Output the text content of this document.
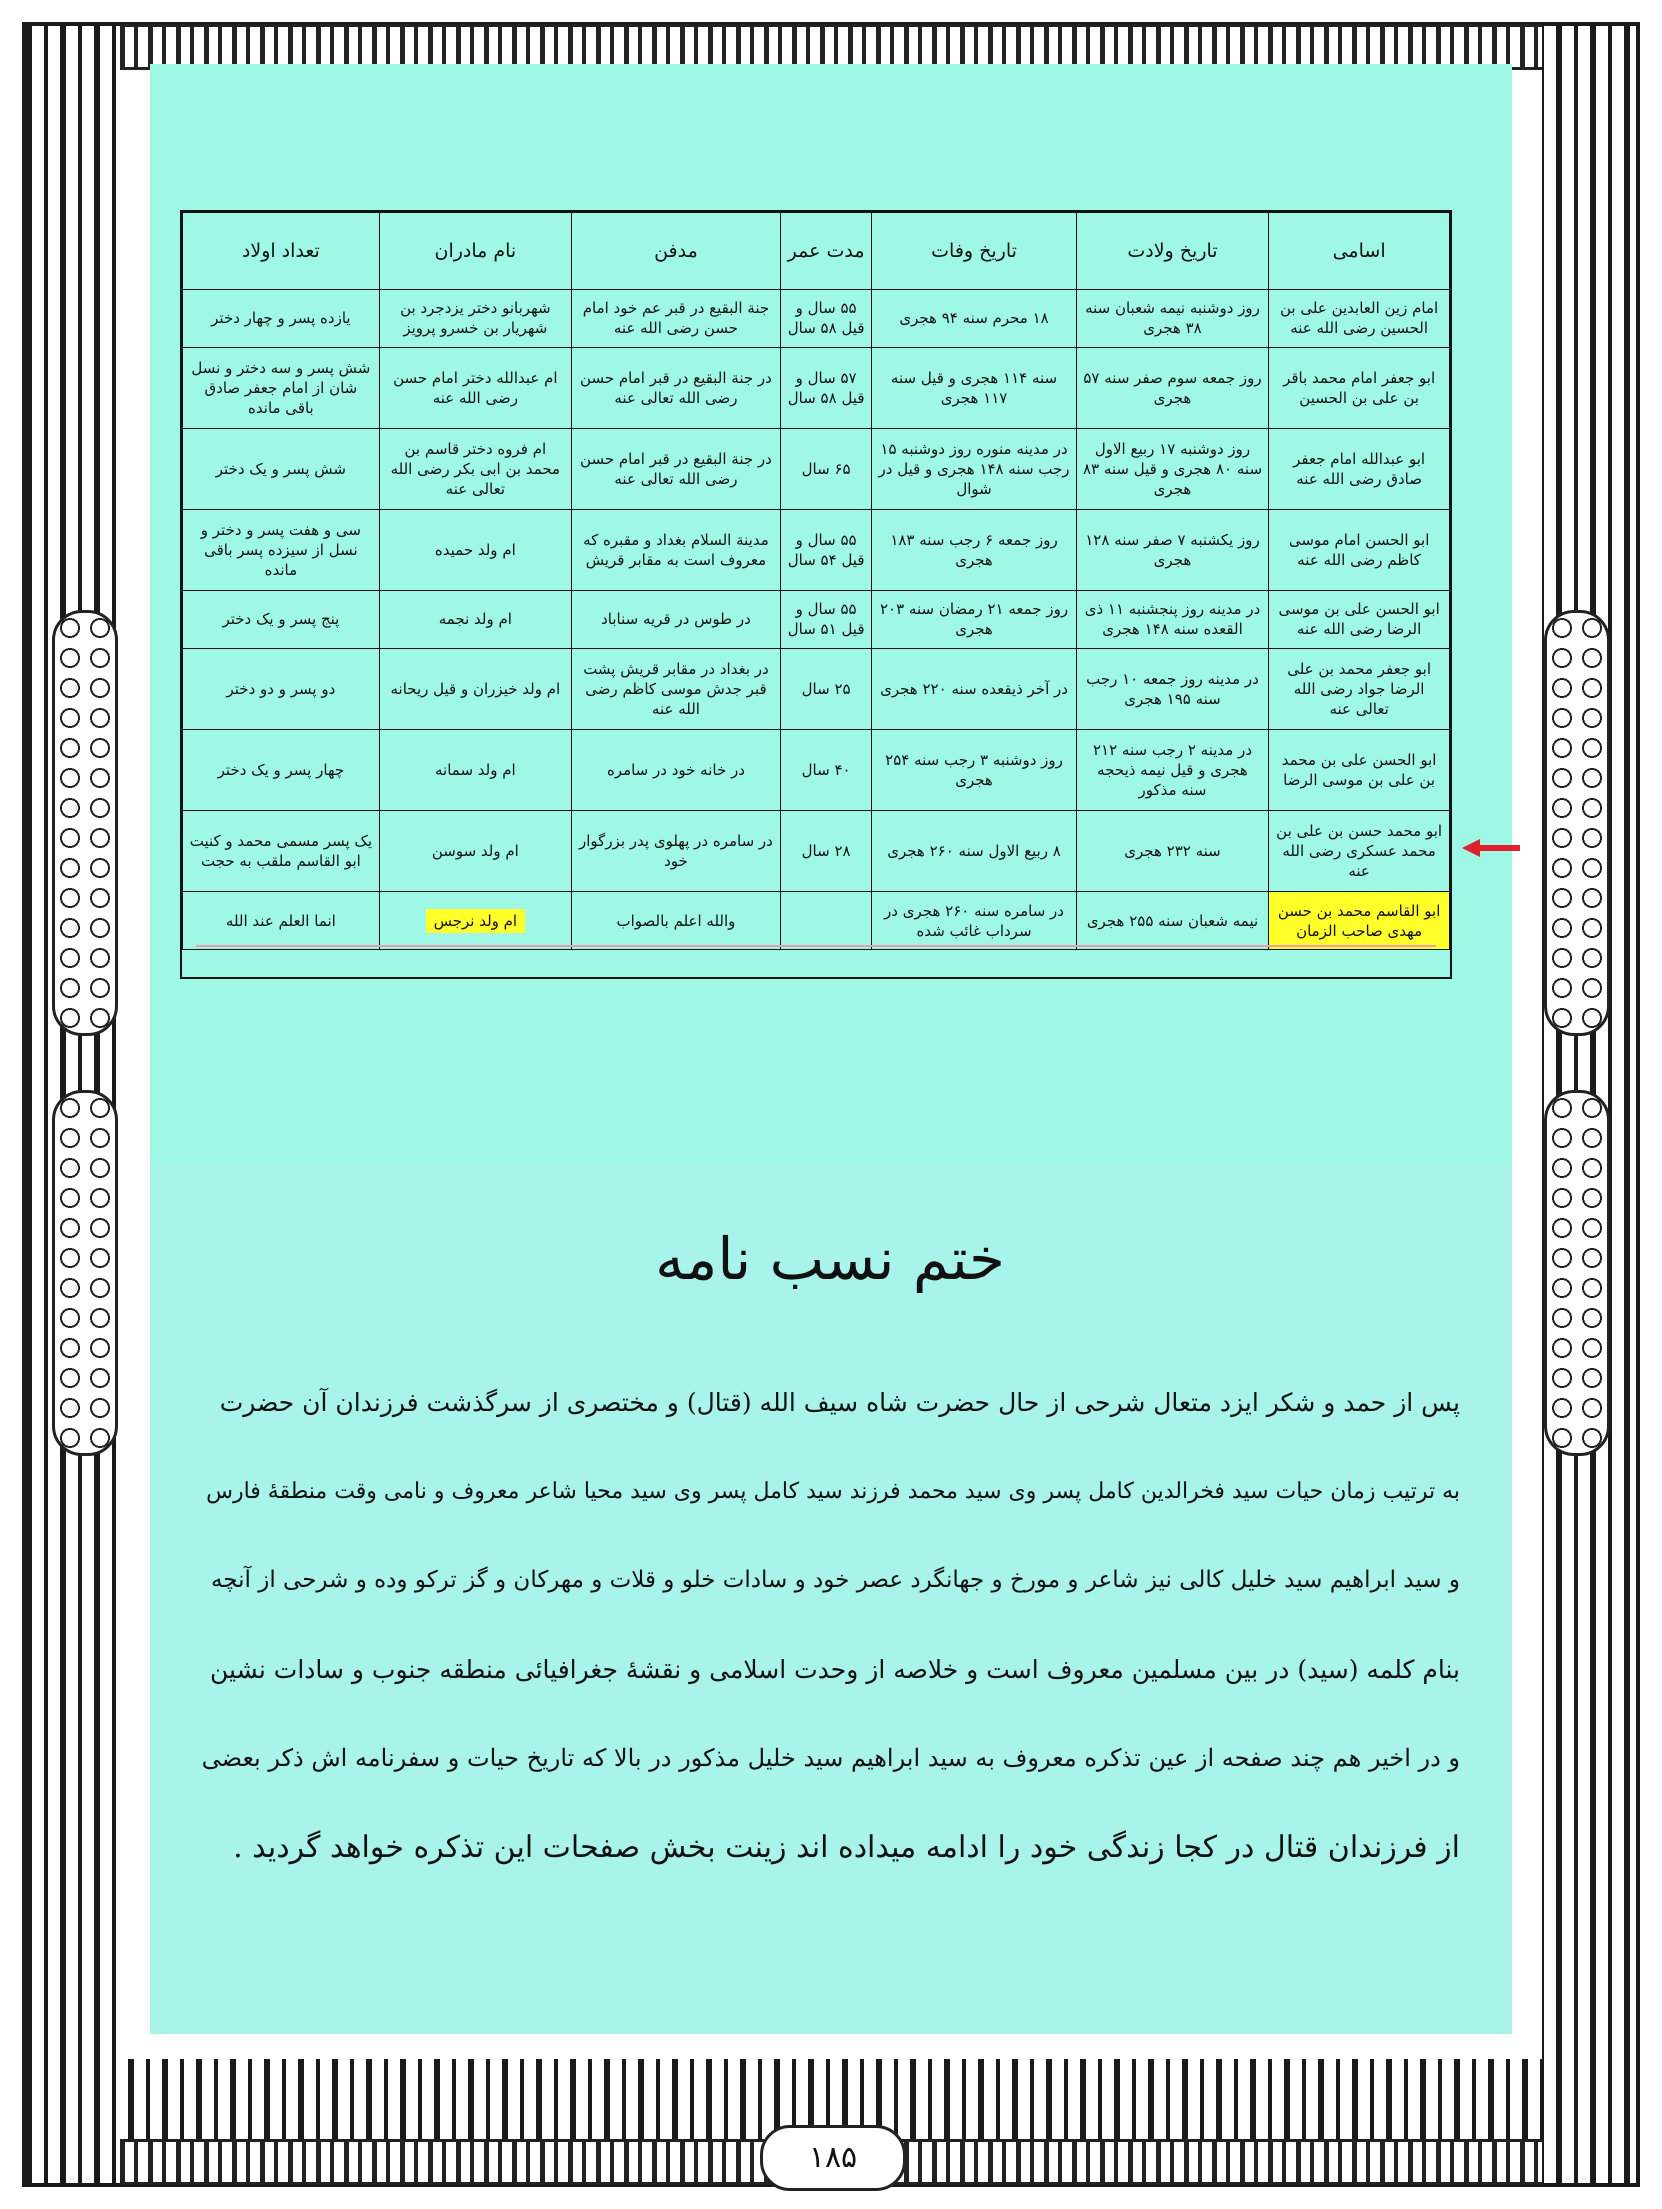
اسامی	تاریخ ولادت	تاریخ وفات	مدت عمر	مدفن	نام مادران	تعداد اولاد
امام زین العابدین علی بن الحسین رضی الله عنه	روز دوشنبه نیمه شعبان سنه ۳۸ هجری	۱۸ محرم سنه ۹۴ هجری	۵۵ سال و قیل ۵۸ سال	جنة البقیع در قبر عم خود امام حسن رضی الله عنه	شهربانو دختر یزدجرد بن شهریار بن خسرو پرویز	یازده پسر و چهار دختر
ابو جعفر امام محمد باقر بن علی بن الحسین	روز جمعه سوم صفر سنه ۵۷ هجری	سنه ۱۱۴ هجری و قیل سنه ۱۱۷ هجری	۵۷ سال و قیل ۵۸ سال	در جنة البقیع در قبر امام حسن رضی الله تعالی عنه	ام عبدالله دختر امام حسن رضی الله عنه	شش پسر و سه دختر و نسل شان از امام جعفر صادق باقی مانده
ابو عبدالله امام جعفر صادق رضی الله عنه	روز دوشنبه ۱۷ ربیع الاول سنه ۸۰ هجری و قیل سنه ۸۳ هجری	در مدینه منوره روز دوشنبه ۱۵ رجب سنه ۱۴۸ هجری و قیل در شوال	۶۵ سال	در جنة البقیع در قبر امام حسن رضی الله تعالی عنه	ام فروه دختر قاسم بن محمد بن ابی بکر رضی الله تعالی عنه	شش پسر و یک دختر
ابو الحسن امام موسی کاظم رضی الله عنه	روز یکشنبه ۷ صفر سنه ۱۲۸ هجری	روز جمعه ۶ رجب سنه ۱۸۳ هجری	۵۵ سال و قیل ۵۴ سال	مدینة السلام بغداد و مقبره که معروف است به مقابر قریش	ام ولد حمیده	سی و هفت پسر و دختر و نسل از سیزده پسر باقی مانده
ابو الحسن علی بن موسی الرضا رضی الله عنه	در مدینه روز پنجشنبه ۱۱ ذی القعده سنه ۱۴۸ هجری	روز جمعه ۲۱ رمضان سنه ۲۰۳ هجری	۵۵ سال و قیل ۵۱ سال	در طوس در قریه سناباد	ام ولد نجمه	پنج پسر و یک دختر
ابو جعفر محمد بن علی الرضا جواد رضی الله تعالی عنه	در مدینه روز جمعه ۱۰ رجب سنه ۱۹۵ هجری	در آخر ذیقعده سنه ۲۲۰ هجری	۲۵ سال	در بغداد در مقابر قریش پشت قبر جدش موسی کاظم رضی الله عنه	ام ولد خیزران و قیل ریحانه	دو پسر و دو دختر
ابو الحسن علی بن محمد بن علی بن موسی الرضا	در مدینه ۲ رجب سنه ۲۱۲ هجری و قیل نیمه ذیحجه سنه مذکور	روز دوشنبه ۳ رجب سنه ۲۵۴ هجری	۴۰ سال	در خانه خود در سامره	ام ولد سمانه	چهار پسر و یک دختر
ابو محمد حسن بن علی بن محمد عسکری رضی الله عنه	سنه ۲۳۲ هجری	۸ ربیع الاول سنه ۲۶۰ هجری	۲۸ سال	در سامره در پهلوی پدر بزرگوار خود	ام ولد سوسن	یک پسر مسمی محمد و کنیت ابو القاسم ملقب به حجت
ابو القاسم محمد بن حسن مهدی صاحب الزمان	نیمه شعبان سنه ۲۵۵ هجری	در سامره سنه ۲۶۰ هجری در سرداب غائب شده		والله اعلم بالصواب	ام ولد نرجس	انما العلم عند الله
ختم نسب نامه

پس از حمد و شکر ایزد متعال شرحی از حال حضرت شاه سیف الله (قتال) و مختصری از سرگذشت فرزندان آن حضرت

به ترتیب زمان حیات سید فخرالدین کامل پسر وی سید محمد فرزند سید کامل پسر وی سید محیا شاعر معروف و نامی وقت منطقهٔ فارس

و سید ابراهیم سید خلیل کالی نیز شاعر و مورخ و جهانگرد عصر خود و سادات خلو و قلات و مهرکان و گز ترکو وده و شرحی از آنچه

بنام کلمه (سید) در بین مسلمین معروف است و خلاصه از وحدت اسلامی و نقشهٔ جغرافیائی منطقه جنوب و سادات نشین

و در اخیر هم چند صفحه از عین تذکره معروف به سید ابراهیم سید خلیل مذکور در بالا که تاریخ حیات و سفرنامه اش ذکر بعضی

از فرزندان قتال در کجا زندگی خود را ادامه میداده اند زینت بخش صفحات این تذکره خواهد گردید .

۱۸۵
